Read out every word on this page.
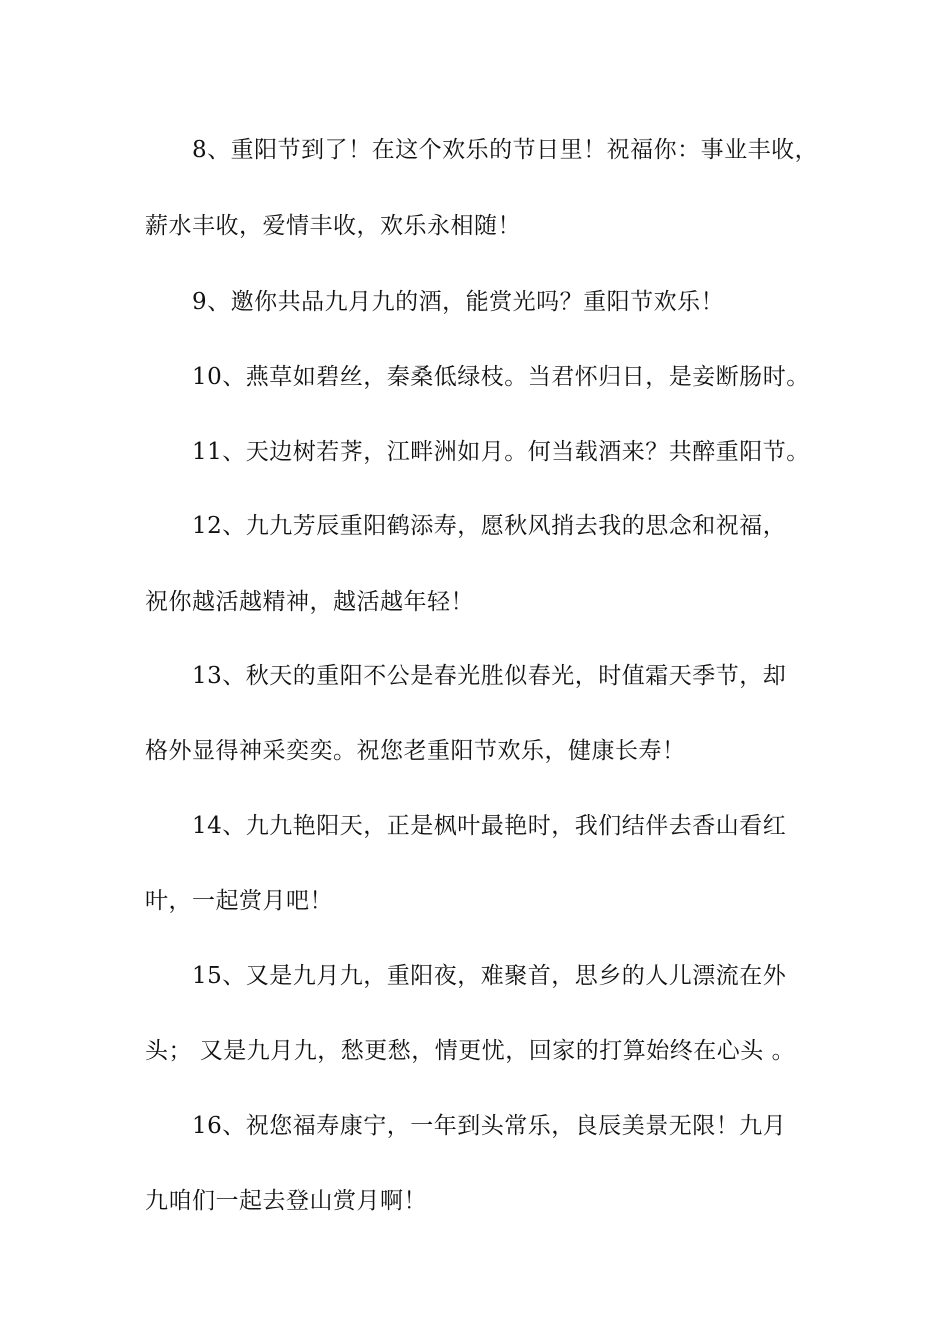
8、重阳节到了！在这个欢乐的节日里！祝福你：事业丰收，
薪水丰收，爱情丰收，欢乐永相随！
9、邀你共品九月九的酒，能赏光吗？重阳节欢乐！
10、燕草如碧丝，秦桑低绿枝。当君怀归日，是妾断肠时。
11、天边树若荠，江畔洲如月。何当载酒来？共醉重阳节。
12、九九芳辰重阳鹤添寿，愿秋风捎去我的思念和祝福，
祝你越活越精神，越活越年轻！
13、秋天的重阳不公是春光胜似春光，时值霜天季节，却
格外显得神采奕奕。祝您老重阳节欢乐，健康长寿！
14、九九艳阳天，正是枫叶最艳时，我们结伴去香山看红
叶，一起赏月吧！
15、又是九月九，重阳夜，难聚首，思乡的人儿漂流在外
头； 又是九月九，愁更愁，情更忧，回家的打算始终在心头 。
16、祝您福寿康宁，一年到头常乐，良辰美景无限！九月
九咱们一起去登山赏月啊！
